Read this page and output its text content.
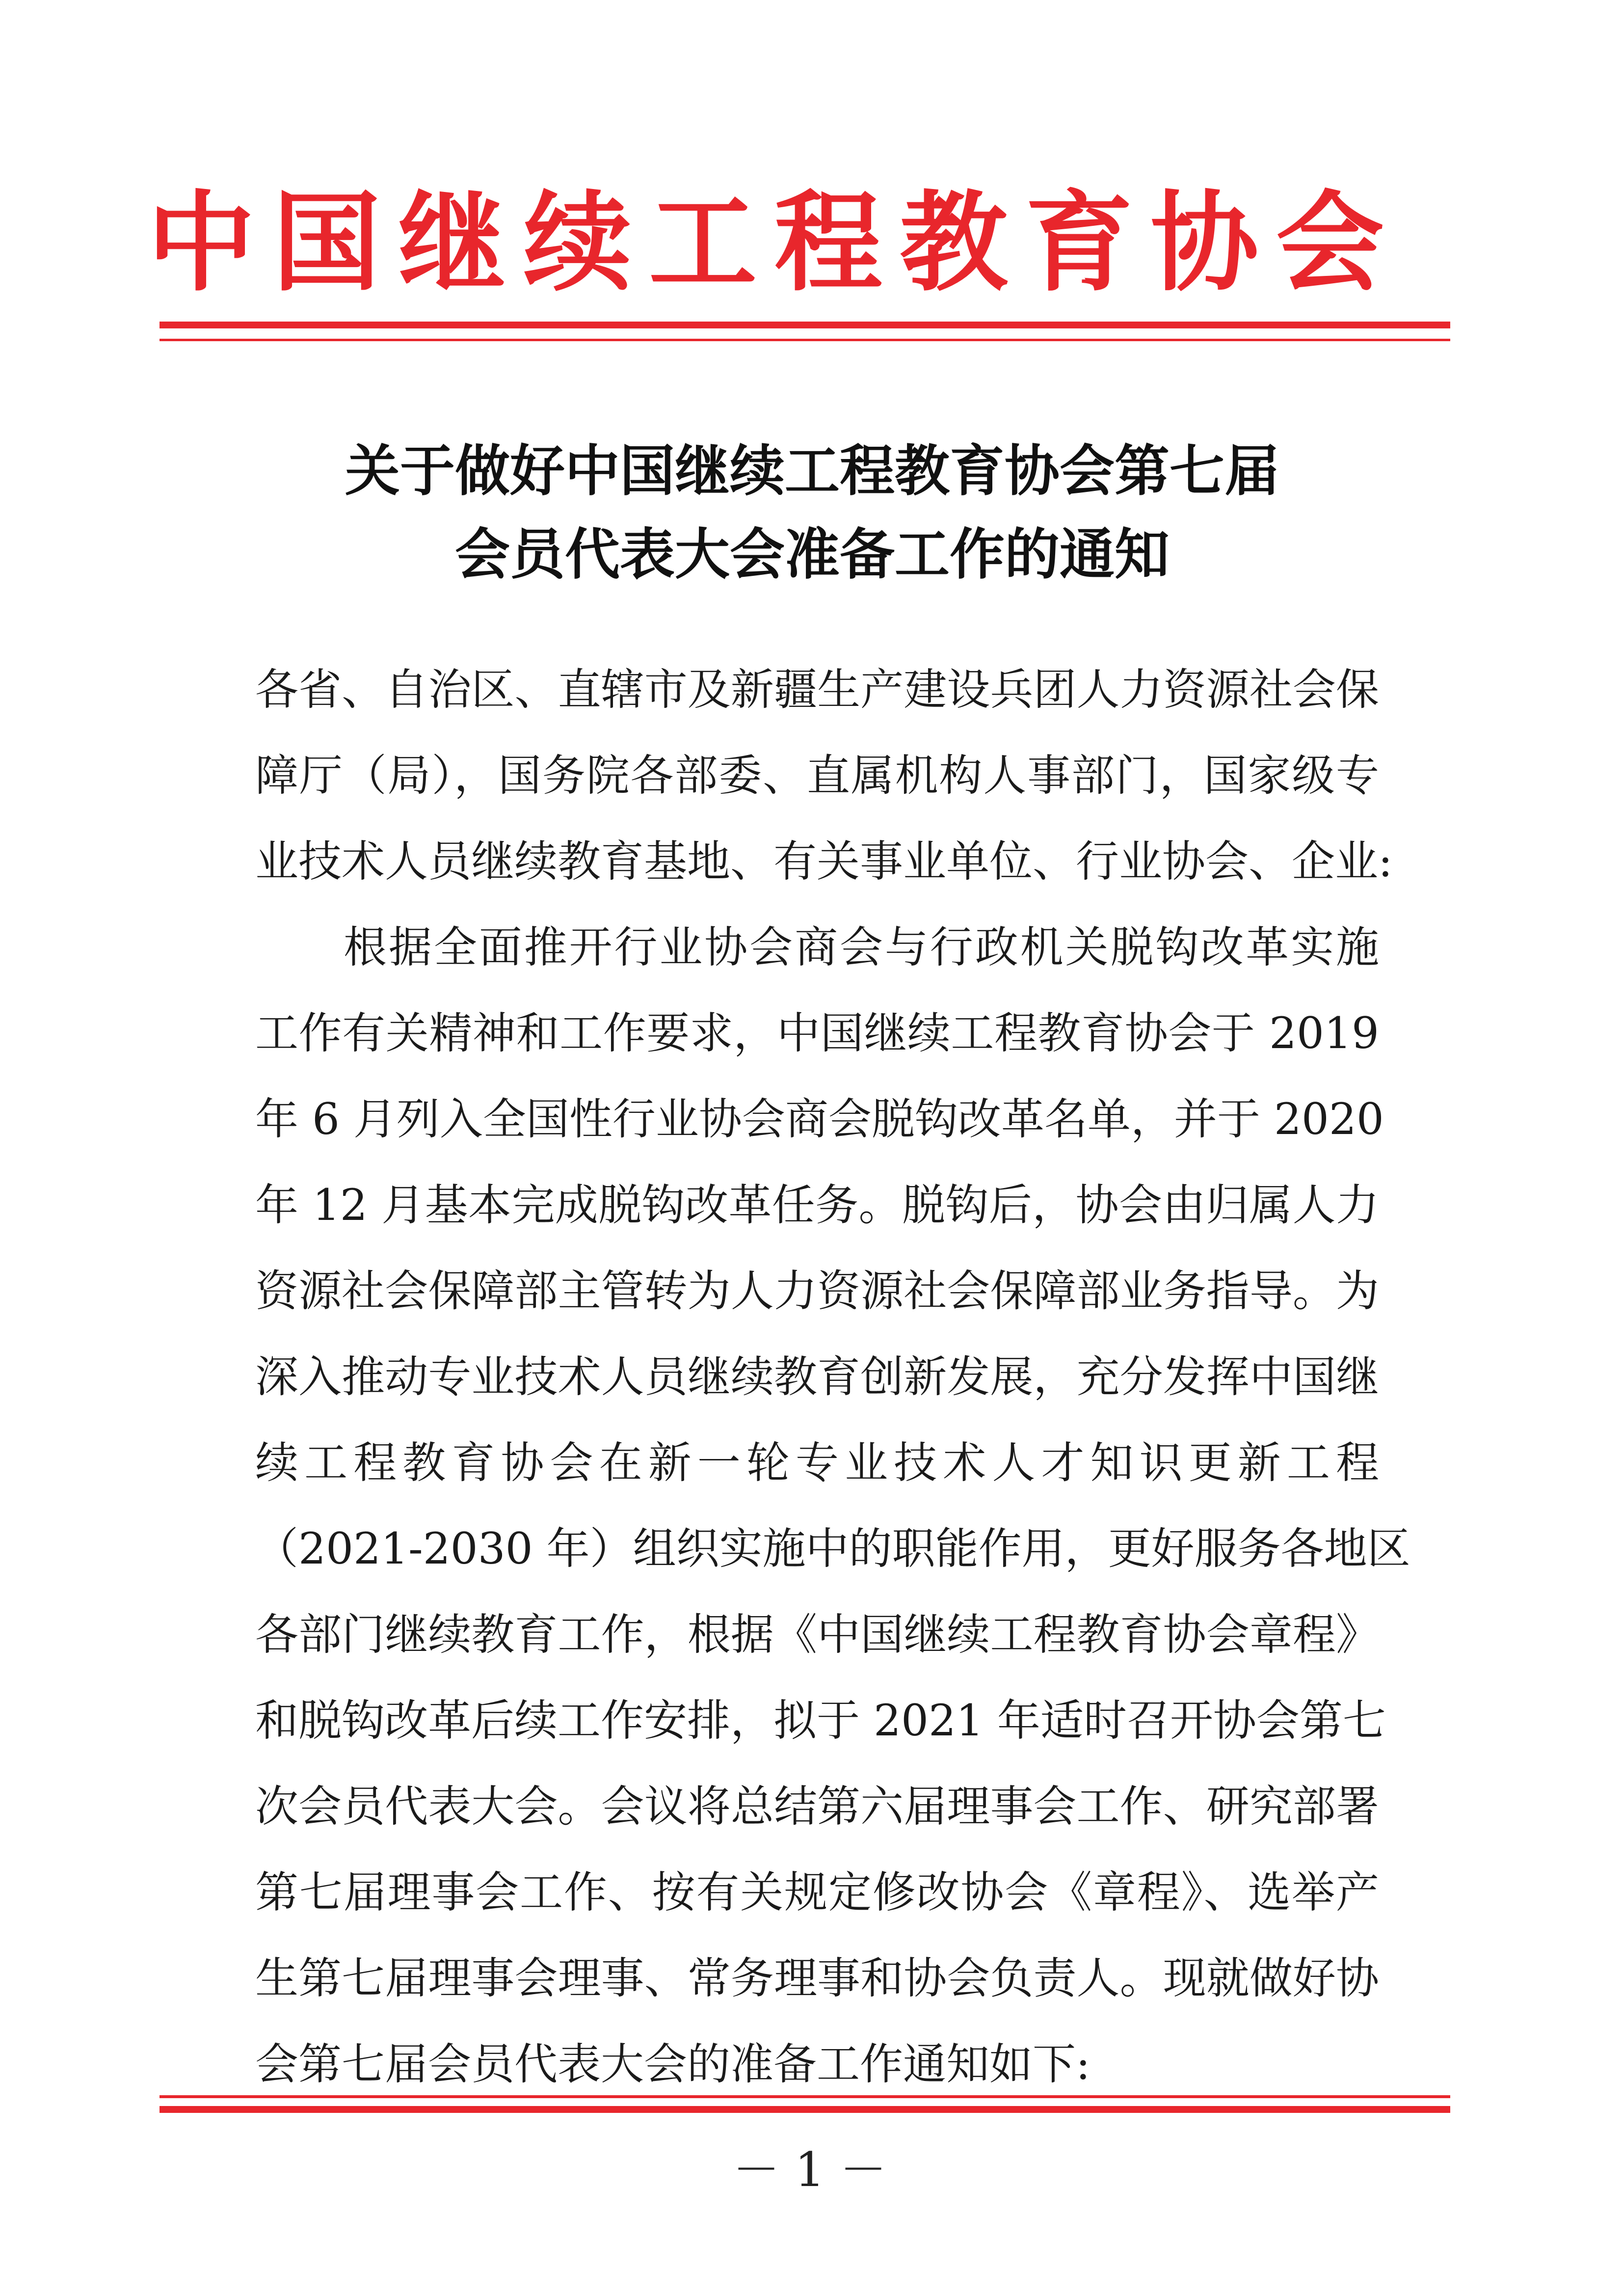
中 国 继 续 工 程 教 育 协 会
关于做好中国继续工程教育协会第七届
会员代表大会准备工作的通知

各省、自治区、直辖市及新疆生产建设兵团人力资源社会保

障厅（局），国务院各部委、直属机构人事部门，国家级专

业技术人员继续教育基地、有关事业单位、行业协会、企业:

根据全面推开行业协会商会与行政机关脱钩改革实施

工作有关精神和工作要求，中国继续工程教育协会于 2019

年 6 月列入全国性行业协会商会脱钩改革名单，并于 2020

年 12 月基本完成脱钩改革任务。脱钩后，协会由归属人力

资源社会保障部主管转为人力资源社会保障部业务指导。为

深入推动专业技术人员继续教育创新发展，充分发挥中国继

续工程教育协会在新一轮专业技术人才知识更新工程

（2021-2030 年）组织实施中的职能作用，更好服务各地区

各部门继续教育工作，根据《中国继续工程教育协会章程》

和脱钩改革后续工作安排，拟于 2021 年适时召开协会第七

次会员代表大会。会议将总结第六届理事会工作、研究部署

第七届理事会工作、按有关规定修改协会《章程》、选举产

生第七届理事会理事、常务理事和协会负责人。现就做好协

会第七届会员代表大会的准备工作通知如下:

－ 1 －
